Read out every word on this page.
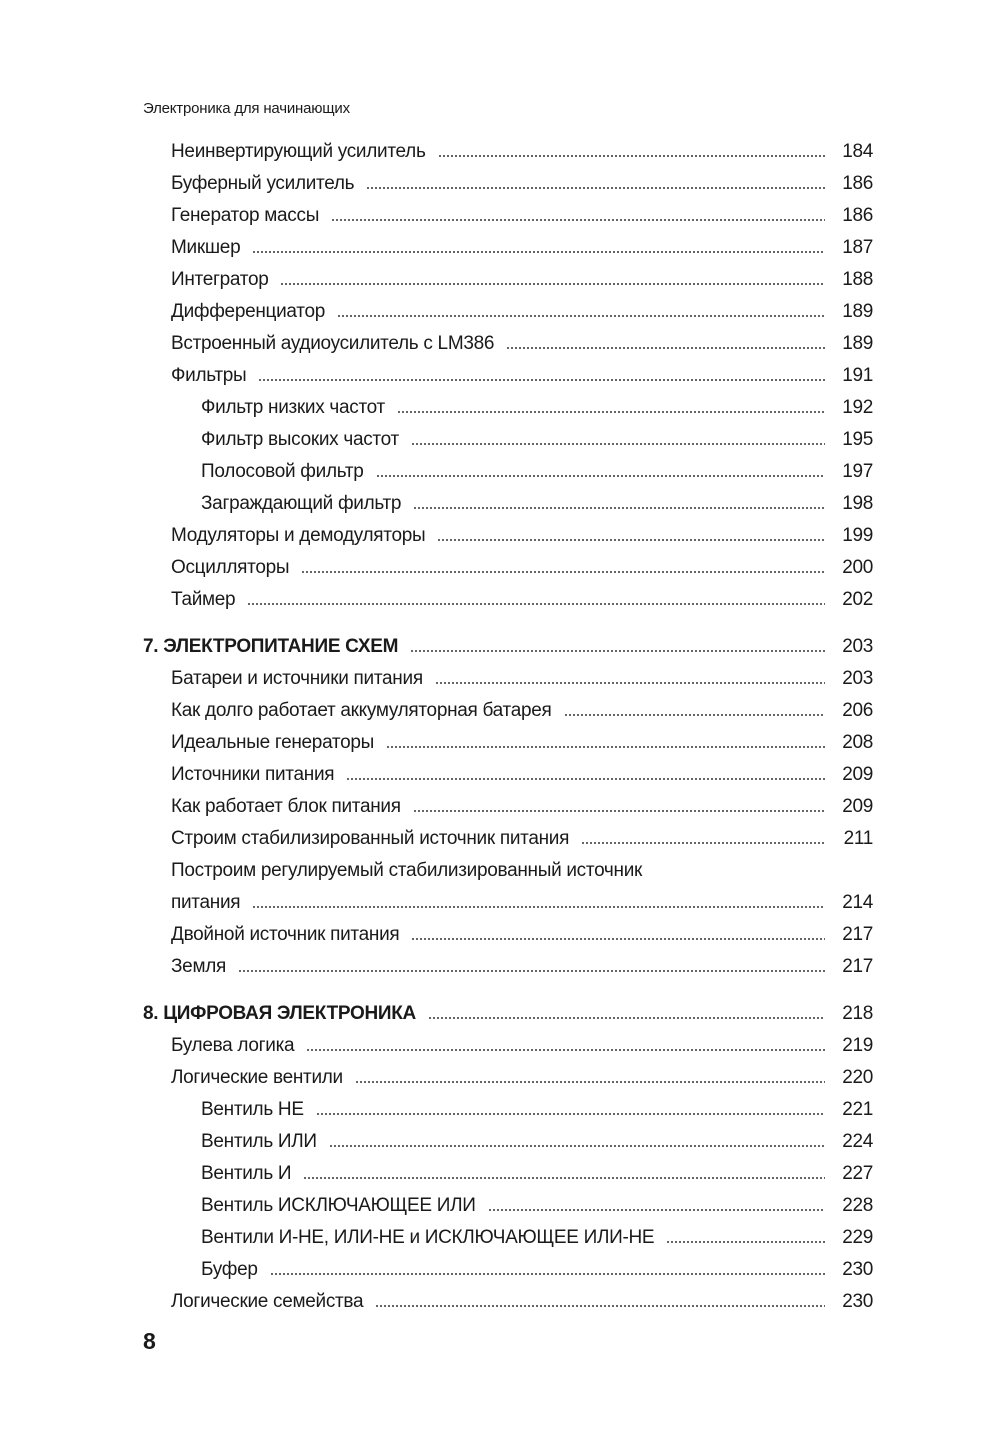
Электроника для начинающих
Неинвертирующий усилитель	184
Буферный усилитель	186
Генератор массы	186
Микшер	187
Интегратор	188
Дифференциатор	189
Встроенный аудиоусилитель с LM386	189
Фильтры	191
Фильтр низких частот	192
Фильтр высоких частот	195
Полосовой фильтр	197
Заграждающий фильтр	198
Модуляторы и демодуляторы	199
Осцилляторы	200
Таймер	202
7. ЭЛЕКТРОПИТАНИЕ СХЕМ	203
Батареи и источники питания	203
Как долго работает аккумуляторная батарея	206
Идеальные генераторы	208
Источники питания	209
Как работает блок питания	209
Строим стабилизированный источник питания	211
Построим регулируемый стабилизированный источник
питания	214
Двойной источник питания	217
Земля	217
8. ЦИФРОВАЯ ЭЛЕКТРОНИКА	218
Булева логика	219
Логические вентили	220
Вентиль НЕ	221
Вентиль ИЛИ	224
Вентиль И	227
Вентиль ИСКЛЮЧАЮЩЕЕ ИЛИ	228
Вентили И-НЕ, ИЛИ-НЕ и ИСКЛЮЧАЮЩЕЕ ИЛИ-НЕ	229
Буфер	230
Логические семейства	230
8
